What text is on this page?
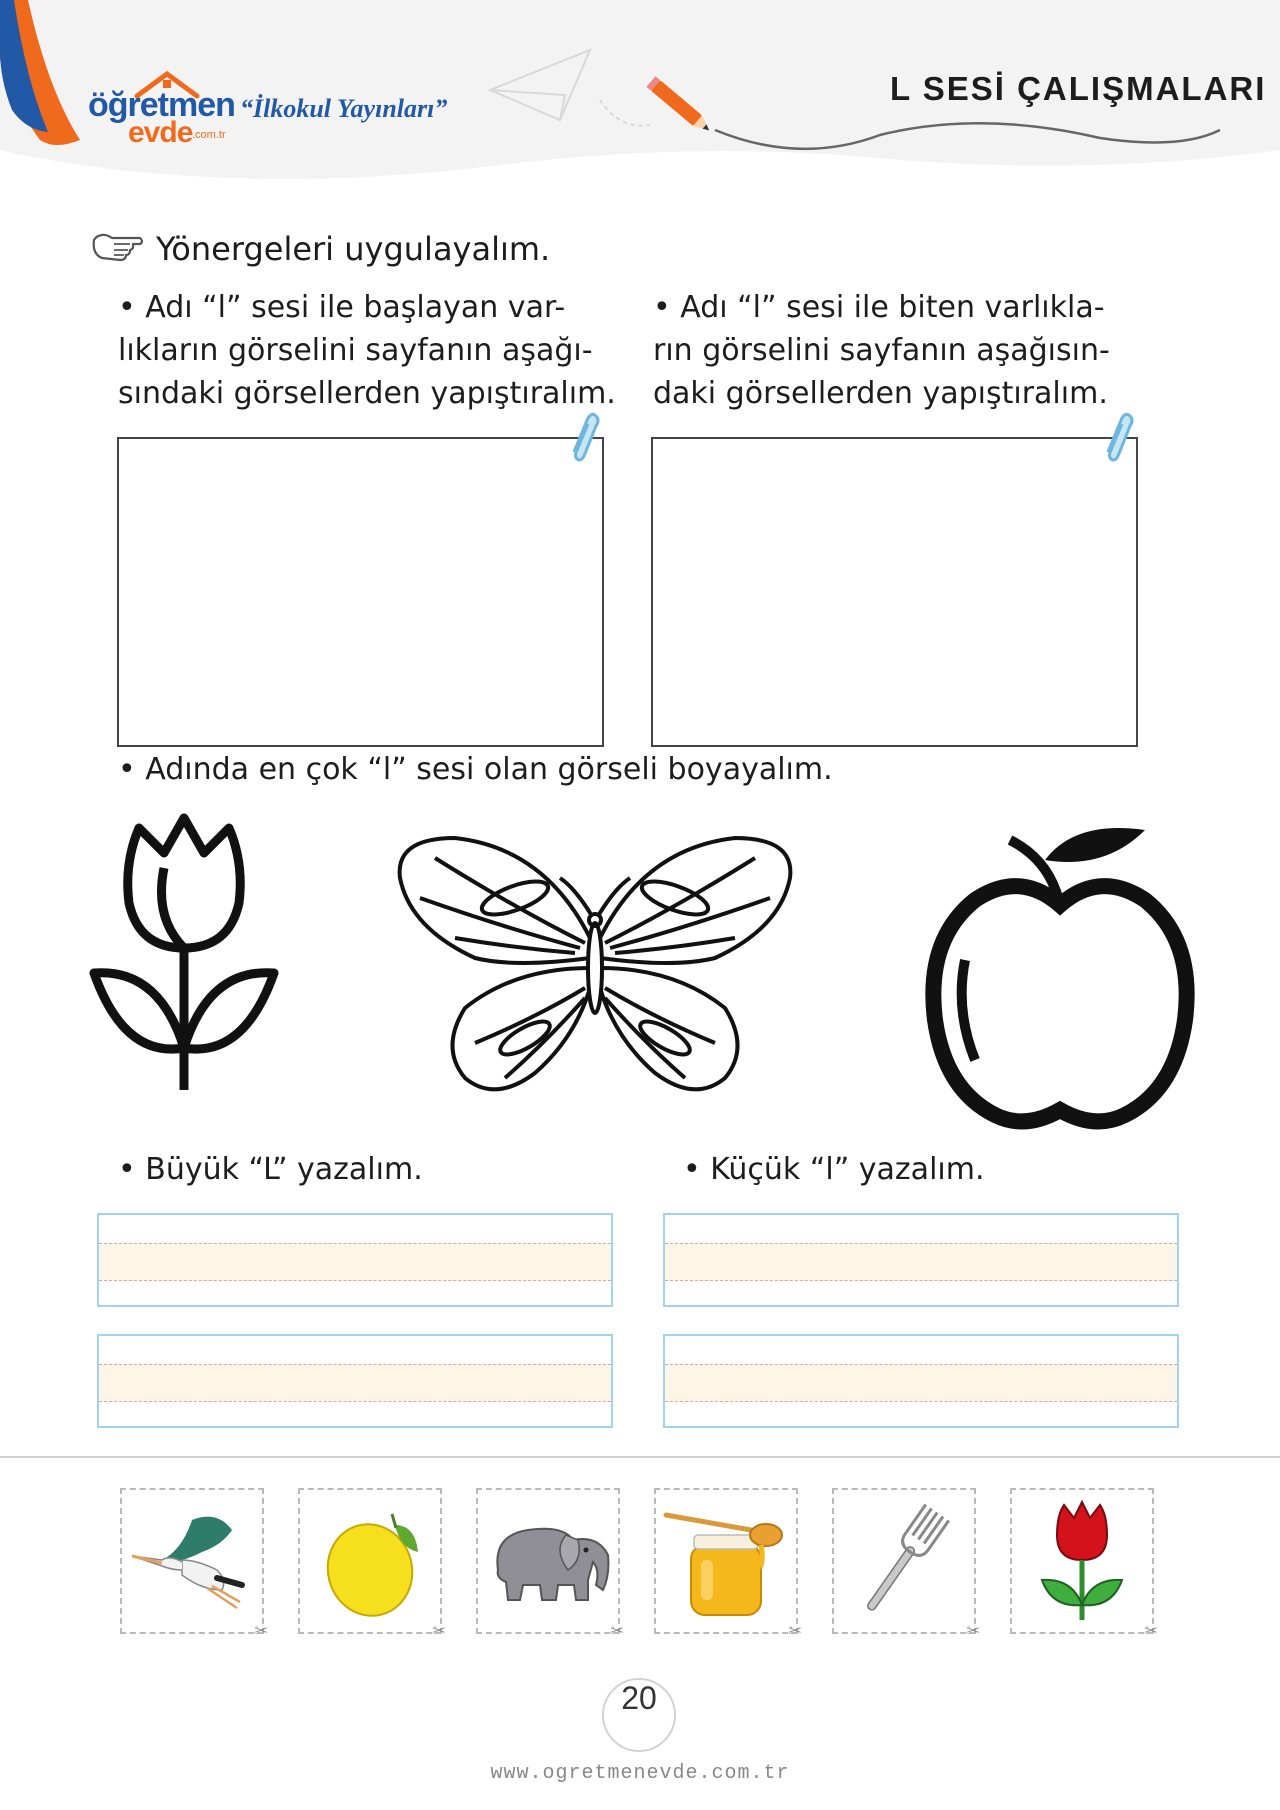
öğretmen
evde .com.tr
“İlkokul Yayınları”
L SESİ ÇALIŞMALARI
Yönergeleri uygulayalım.
• Adı “l” sesi ile başlayan var-
lıkların görselini sayfanın aşağı-
sındaki görsellerden yapıştıralım.
• Adı “l” sesi ile biten varlıkla-
rın görselini sayfanın aşağısın-
daki görsellerden yapıştıralım.
• Adında en çok “l” sesi olan görseli boyayalım.
• Büyük “L” yazalım.	• Küçük “l” yazalım.
✂	✂	✂	✂	✂	✂
20
www.ogretmenevde.com.tr
